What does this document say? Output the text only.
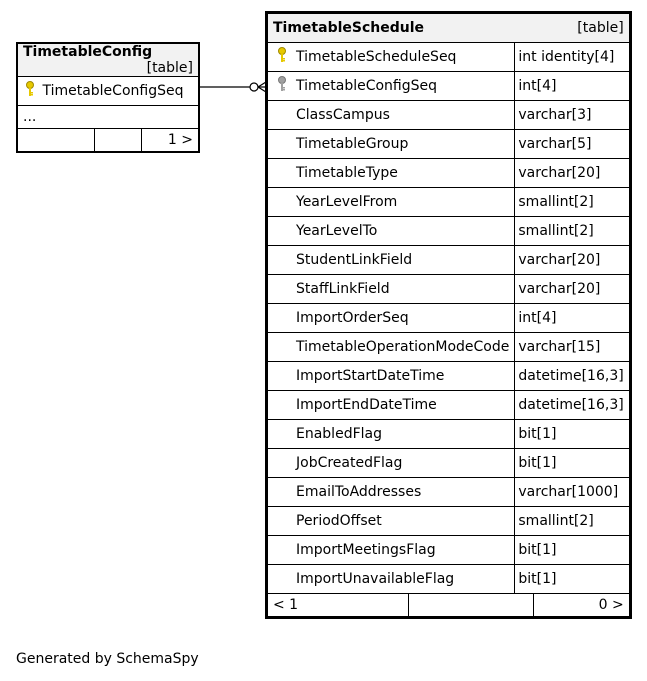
TimetableConfig
[table]

TimetableConfigSeq
...

		1 >
TimetableSchedule	[table]

TimetableScheduleSeq	int identity[4]
TimetableConfigSeq	int[4]
ClassCampus	varchar[3]
TimetableGroup	varchar[5]
TimetableType	varchar[20]
YearLevelFrom	smallint[2]
YearLevelTo	smallint[2]
StudentLinkField	varchar[20]
StaffLinkField	varchar[20]
ImportOrderSeq	int[4]
TimetableOperationModeCode	varchar[15]
ImportStartDateTime	datetime[16,3]
ImportEndDateTime	datetime[16,3]
EnabledFlag	bit[1]
JobCreatedFlag	bit[1]
EmailToAddresses	varchar[1000]
PeriodOffset	smallint[2]
ImportMeetingsFlag	bit[1]
ImportUnavailableFlag	bit[1]

< 1		0 >
Generated by SchemaSpy
